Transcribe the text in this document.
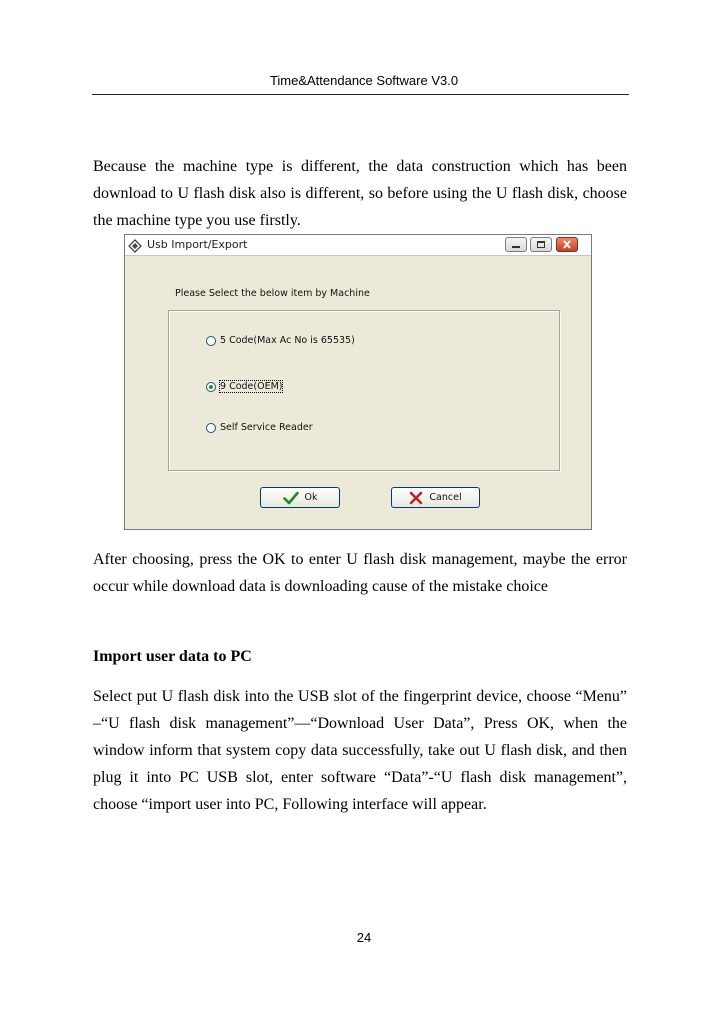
Time&Attendance Software V3.0

Because the machine type is different, the data construction which has been download to U flash disk also is different, so before using the U flash disk, choose the machine type you use firstly.

Usb Import/Export
Please Select the below item by Machine
5 Code(Max Ac No is 65535)
9 Code(OEM)
Self Service Reader
Ok	Cancel

After choosing, press the OK to enter U flash disk management, maybe the error occur while download data is downloading cause of the mistake choice

Import user data to PC

Select put U flash disk into the USB slot of the fingerprint device, choose “Menu” –“U flash disk management”—“Download User Data”, Press OK, when the window inform that system copy data successfully, take out U flash disk, and then plug it into PC USB slot, enter software “Data”-“U flash disk management”, choose “import user into PC, Following interface will appear.

24
